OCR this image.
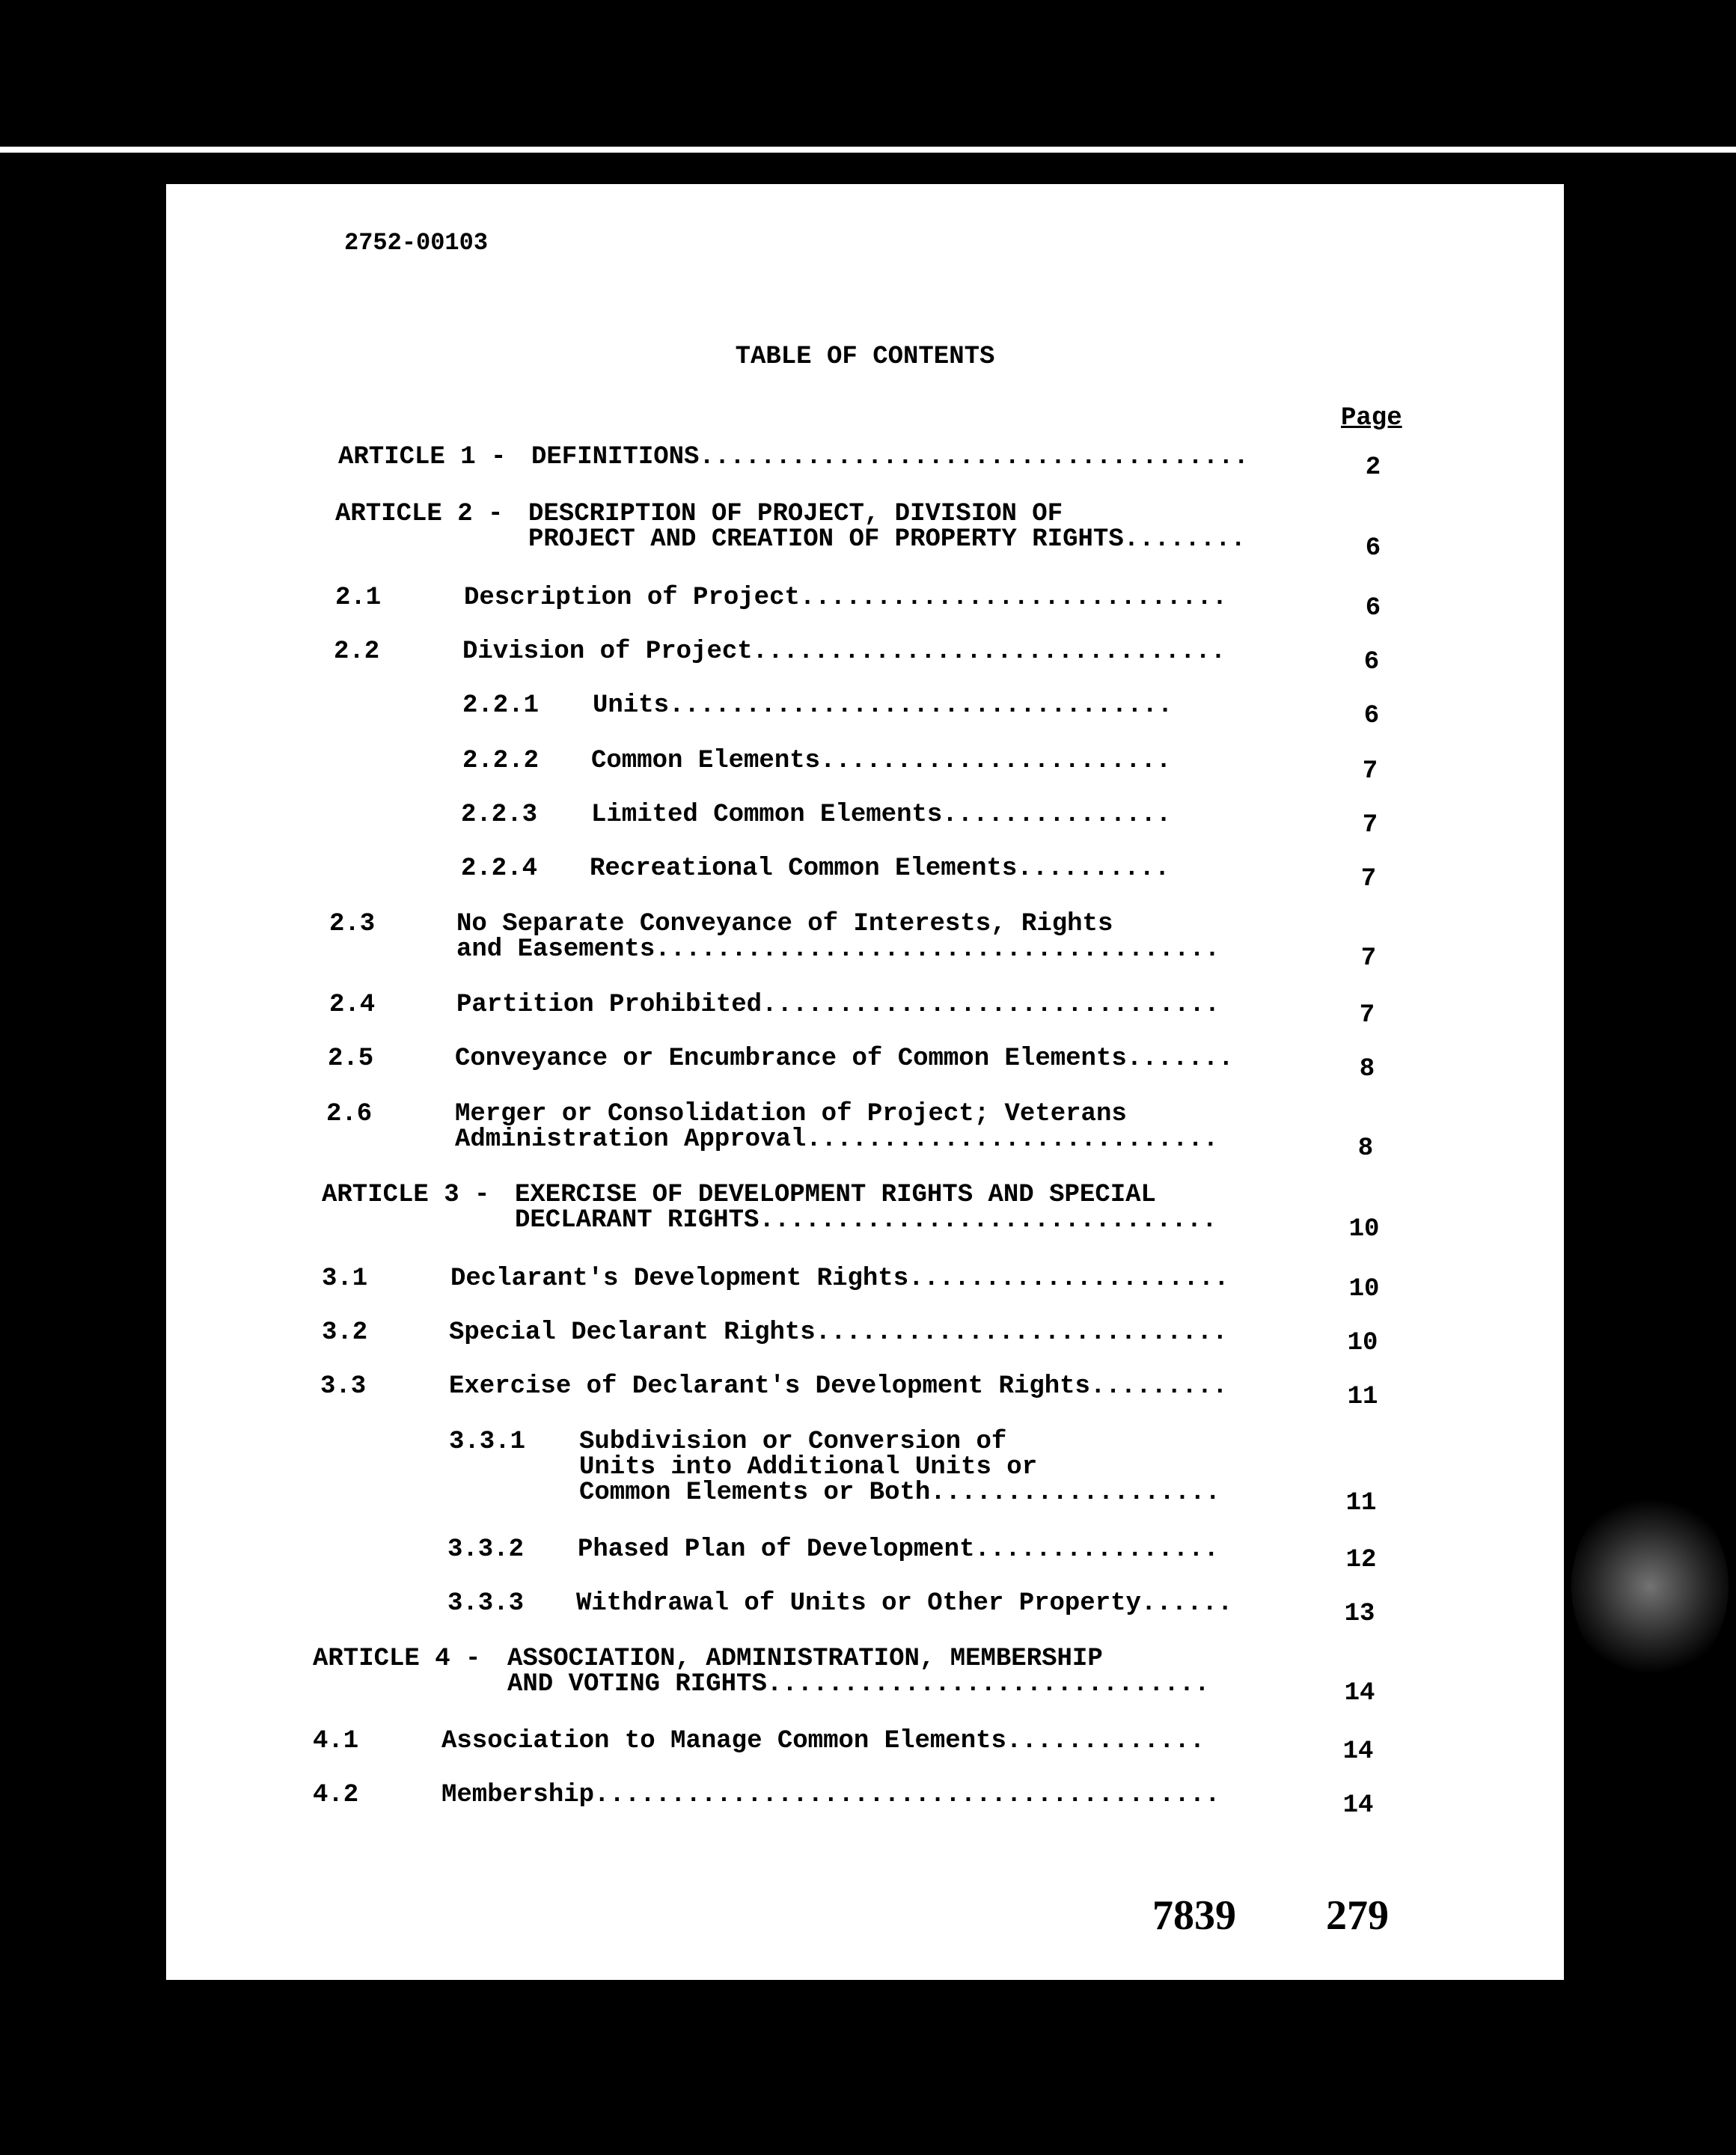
2752-00103
TABLE OF CONTENTS
Page
ARTICLE 1 - DEFINITIONS....................................	2
ARTICLE 2 - DESCRIPTION OF PROJECT, DIVISION OF
PROJECT AND CREATION OF PROPERTY RIGHTS........	6
2.1	Description of Project............................	6
2.2	Division of Project...............................	6
2.2.1 Units.................................	6
2.2.2 Common Elements.......................	7
2.2.3 Limited Common Elements...............	7
2.2.4 Recreational Common Elements..........	7
2.3	No Separate Conveyance of Interests, Rights
and Easements.....................................	7
2.4	Partition Prohibited..............................	7
2.5	Conveyance or Encumbrance of Common Elements.......	8
2.6	Merger or Consolidation of Project; Veterans
Administration Approval...........................	8
ARTICLE 3 - EXERCISE OF DEVELOPMENT RIGHTS AND SPECIAL
DECLARANT RIGHTS..............................	10
3.1	Declarant's Development Rights.....................	10
3.2	Special Declarant Rights...........................	10
3.3	Exercise of Declarant's Development Rights.........	11
3.3.1 Subdivision or Conversion of
Units into Additional Units or
Common Elements or Both...................	11
3.3.2 Phased Plan of Development................	12
3.3.3 Withdrawal of Units or Other Property......	13
ARTICLE 4 - ASSOCIATION, ADMINISTRATION, MEMBERSHIP
AND VOTING RIGHTS.............................	14
4.1	Association to Manage Common Elements.............	14
4.2	Membership.........................................	14
7839 279
7832  788
